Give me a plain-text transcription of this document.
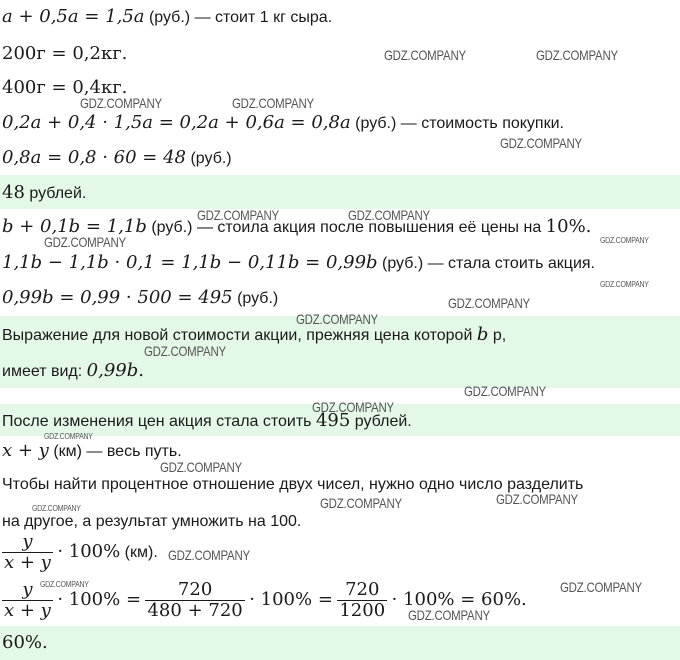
a + 0,5a = 1,5a (руб.) — стоит 1 кг сыра.
200г = 0,2кг.
400г = 0,4кг.
0,2a + 0,4 · 1,5a = 0,2a + 0,6a = 0,8a (руб.) — стоимость покупки.
0,8a = 0,8 · 60 = 48 (руб.)
48 рублей.
b + 0,1b = 1,1b (руб.) — стоила акция после повышения её цены на 10%.
1,1b − 1,1b · 0,1 = 1,1b − 0,11b = 0,99b (руб.) — стала стоить акция.
0,99b = 0,99 · 500 = 495 (руб.)
Выражение для новой стоимости акции, прежняя цена которой b р,
имеет вид: 0,99b.
После изменения цен акция стала стоить 495 рублей.
x + y (км) — весь путь.
Чтобы найти процентное отношение двух чисел, нужно одно число разделить
на другое, а результат умножить на 100.
$\frac{y}{x + y} \cdot 100\%$ (км).
$\frac{y}{x + y} \cdot 100\% = \frac{720}{480 + 720} \cdot 100\% = \frac{720}{1200} \cdot 100\% = 60\%$.
60%.
GDZ.COMPANY	GDZ.COMPANY
GDZ.COMPANY	GDZ.COMPANY
GDZ.COMPANY
GDZ.COMPANY	GDZ.COMPANY
GDZ.COMPANY	GDZ.COMPANY
GDZ.COMPANY
GDZ.COMPANY
GDZ.COMPANY
GDZ.COMPANY
GDZ.COMPANY
GDZ.COMPANY
GDZ.COMPANY
GDZ.COMPANY
GDZ.COMPANY
GDZ.COMPANY
GDZ.COMPANY
GDZ.COMPANY
GDZ.COMPANY	GDZ.COMPANY
GDZ.COMPANY
